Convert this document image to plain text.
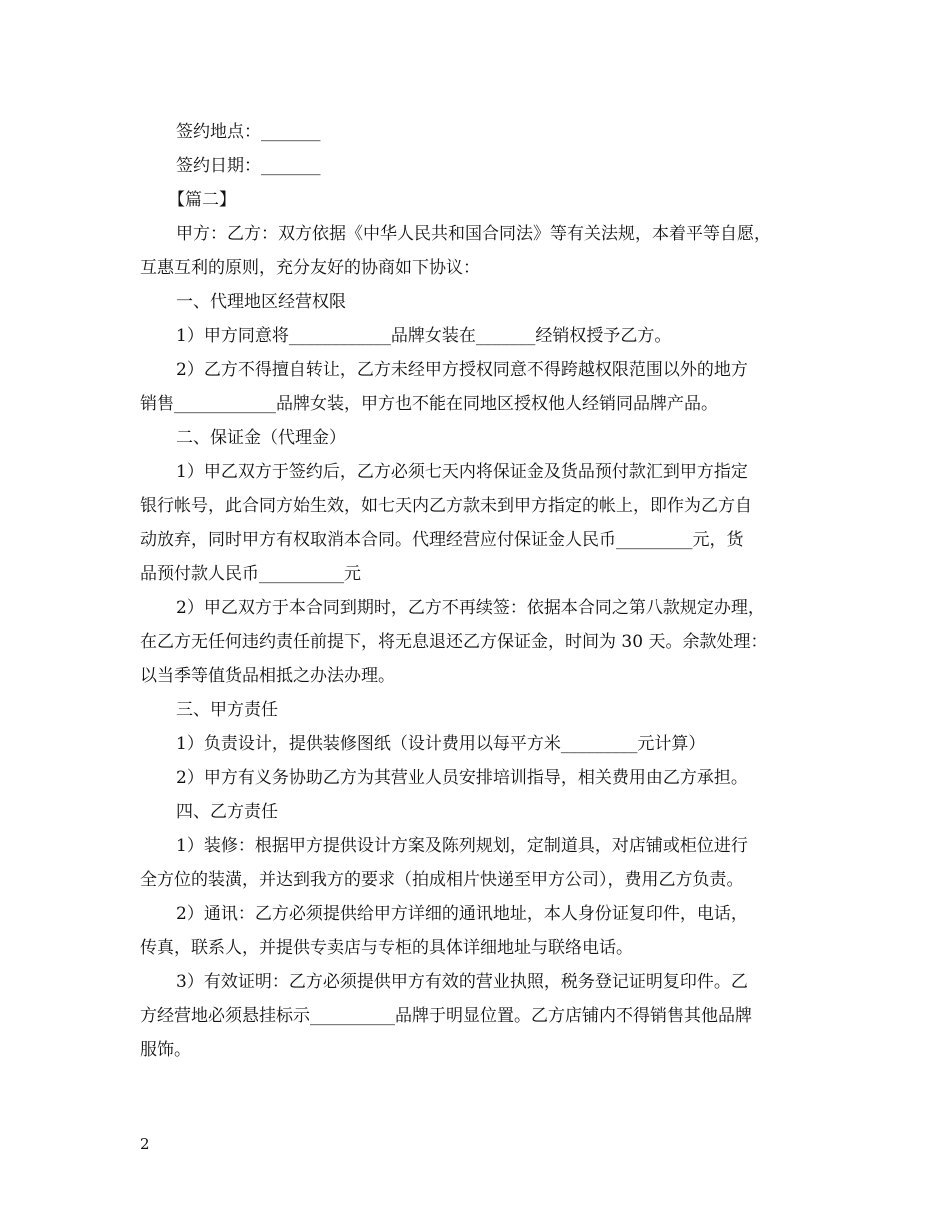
签约地点：_______
签约日期：_______
【篇二】
甲方：乙方：双方依据《中华人民共和国合同法》等有关法规，本着平等自愿，
互惠互利的原则，充分友好的协商如下协议：
一、代理地区经营权限
1）甲方同意将____________品牌女装在_______经销权授予乙方。
2）乙方不得擅自转让，乙方未经甲方授权同意不得跨越权限范围以外的地方
销售____________品牌女装，甲方也不能在同地区授权他人经销同品牌产品。
二、保证金（代理金）
1）甲乙双方于签约后，乙方必须七天内将保证金及货品预付款汇到甲方指定
银行帐号，此合同方始生效，如七天内乙方款未到甲方指定的帐上，即作为乙方自
动放弃，同时甲方有权取消本合同。代理经营应付保证金人民币_________元，货
品预付款人民币__________元
2）甲乙双方于本合同到期时，乙方不再续签：依据本合同之第八款规定办理，
在乙方无任何违约责任前提下，将无息退还乙方保证金，时间为 30 天。余款处理：
以当季等值货品相抵之办法办理。
三、甲方责任
1）负责设计，提供装修图纸（设计费用以每平方米_________元计算）
2）甲方有义务协助乙方为其营业人员安排培训指导，相关费用由乙方承担。
四、乙方责任
1）装修：根据甲方提供设计方案及陈列规划，定制道具，对店铺或柜位进行
全方位的装潢，并达到我方的要求（拍成相片快递至甲方公司），费用乙方负责。
2）通讯：乙方必须提供给甲方详细的通讯地址，本人身份证复印件，电话，
传真，联系人，并提供专卖店与专柜的具体详细地址与联络电话。
3）有效证明：乙方必须提供甲方有效的营业执照，税务登记证明复印件。乙
方经营地必须悬挂标示__________品牌于明显位置。乙方店铺内不得销售其他品牌
服饰。
2
